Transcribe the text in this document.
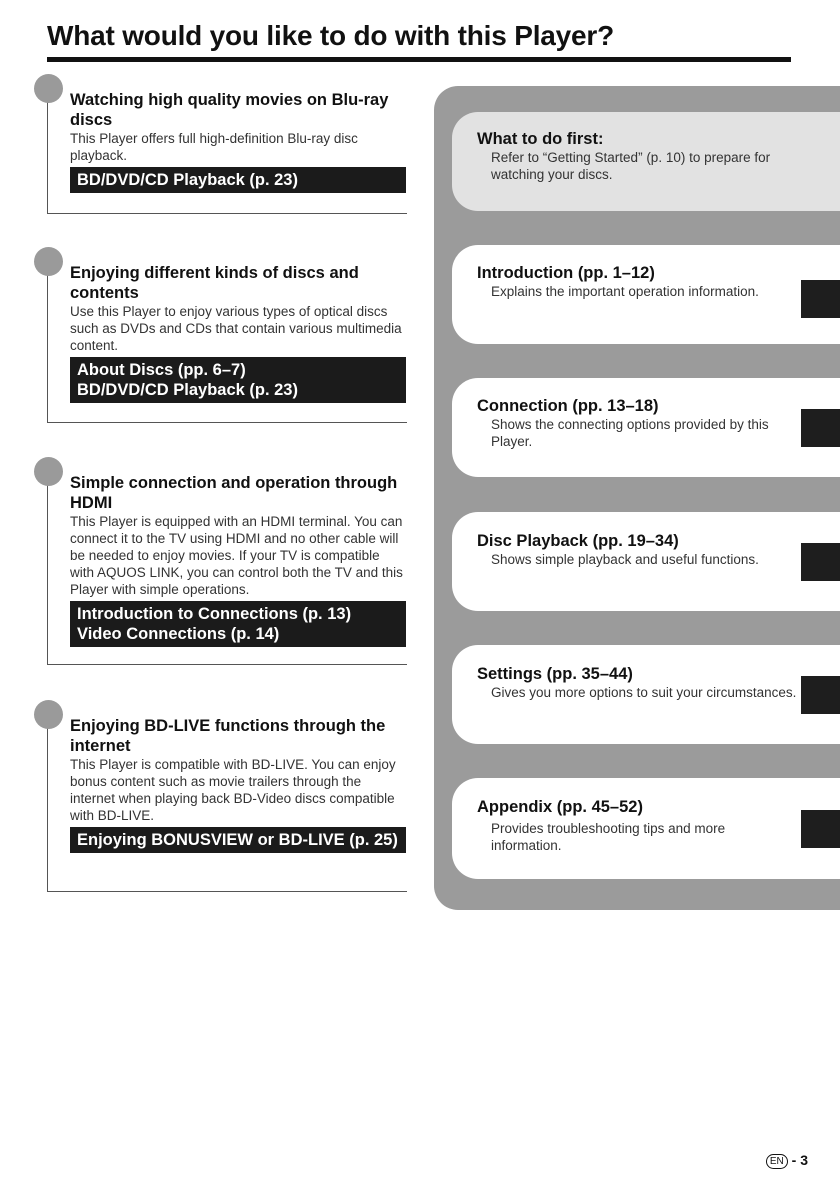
What would you like to do with this Player?
Watching high quality movies on Blu-ray discs

This Player offers full high-definition Blu-ray disc playback.

BD/DVD/CD Playback (p. 23)
Enjoying different kinds of discs and contents

Use this Player to enjoy various types of optical discs such as DVDs and CDs that contain various multimedia content.

About Discs (pp. 6–7)
BD/DVD/CD Playback (p. 23)
Simple connection and operation through HDMI

This Player is equipped with an HDMI terminal. You can connect it to the TV using HDMI and no other cable will be needed to enjoy movies. If your TV is compatible with AQUOS LINK, you can control both the TV and this Player with simple operations.

Introduction to Connections (p. 13)
Video Connections (p. 14)
Enjoying BD-LIVE functions through the internet

This Player is compatible with BD-LIVE. You can enjoy bonus content such as movie trailers through the internet when playing back BD-Video discs compatible with BD-LIVE.

Enjoying BONUSVIEW or BD-LIVE (p. 25)
What to do first:

Refer to “Getting Started” (p. 10) to prepare for watching your discs.

Introduction (pp. 1–12)

Explains the important operation information.

Connection (pp. 13–18)

Shows the connecting options provided by this Player.

Disc Playback (pp. 19–34)

Shows simple playback and useful functions.

Settings (pp. 35–44)

Gives you more options to suit your circumstances.

Appendix (pp. 45–52)

Provides troubleshooting tips and more information.

EN - 3
